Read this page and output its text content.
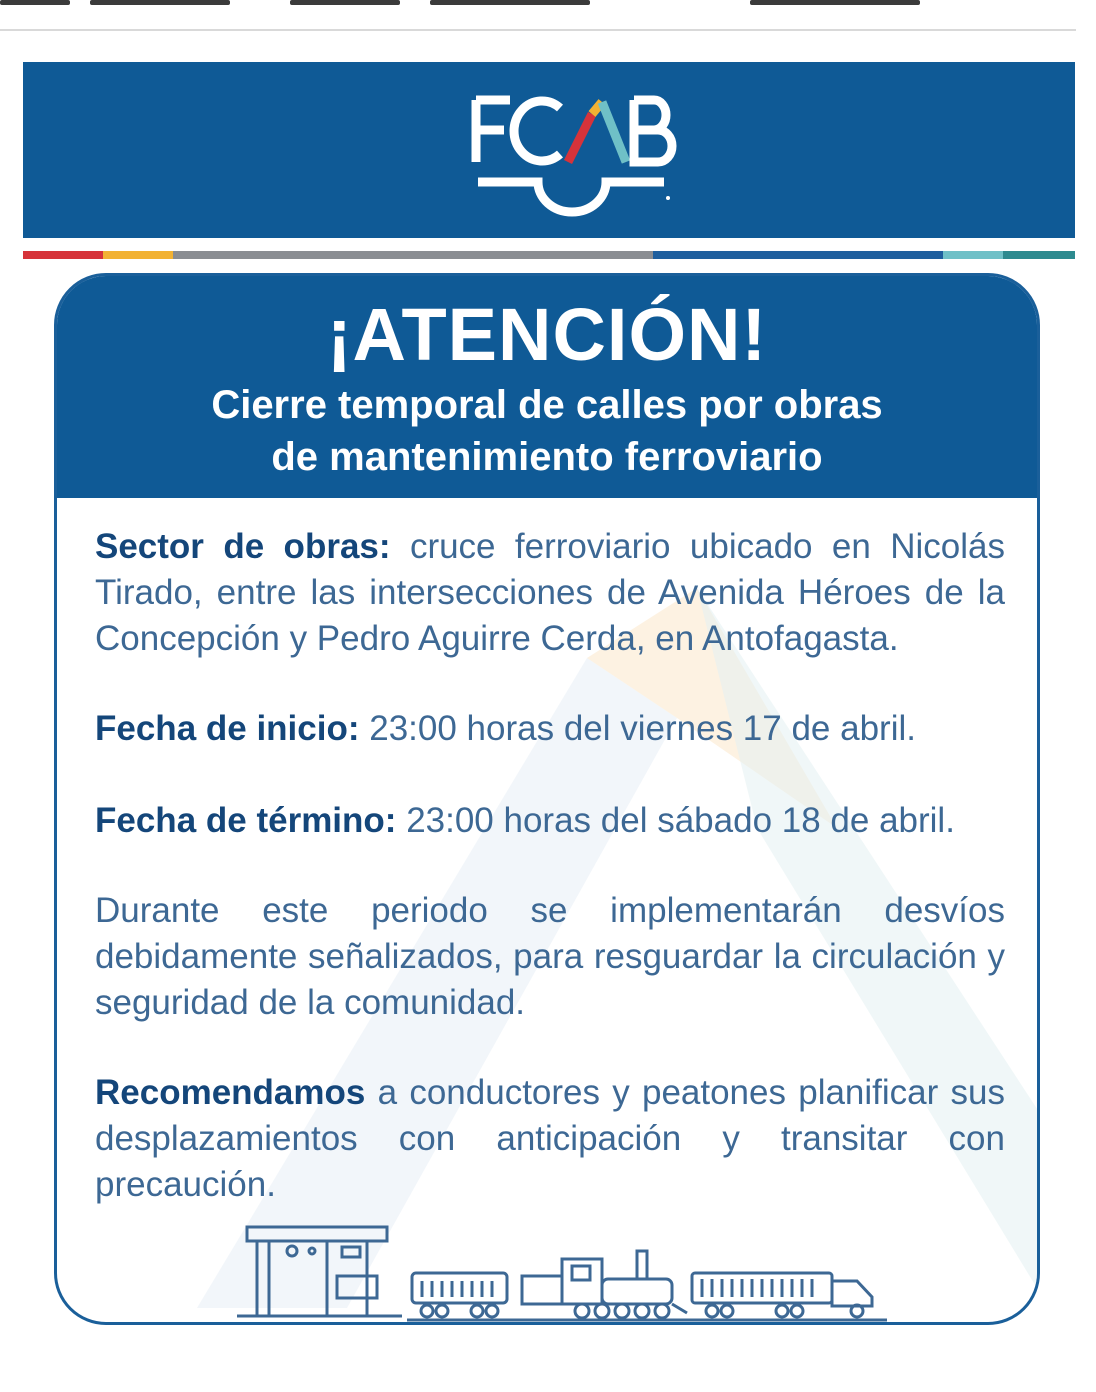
¡ATENCIÓN!
Cierre temporal de calles por obras
de mantenimiento ferroviario
Sector de obras: cruce ferroviario ubicado en Nicolás Tirado, entre las intersecciones de Avenida Héroes de la Concepción y Pedro Aguirre Cerda, en Antofagasta.
Fecha de inicio: 23:00 horas del viernes 17 de abril.
Fecha de término: 23:00 horas del sábado 18 de abril.
Durante este periodo se implementarán desvíos debidamente señalizados, para resguardar la circulación y seguridad de la comunidad.
Recomendamos a conductores y peatones planificar sus desplazamientos con anticipación y transitar con precaución.
